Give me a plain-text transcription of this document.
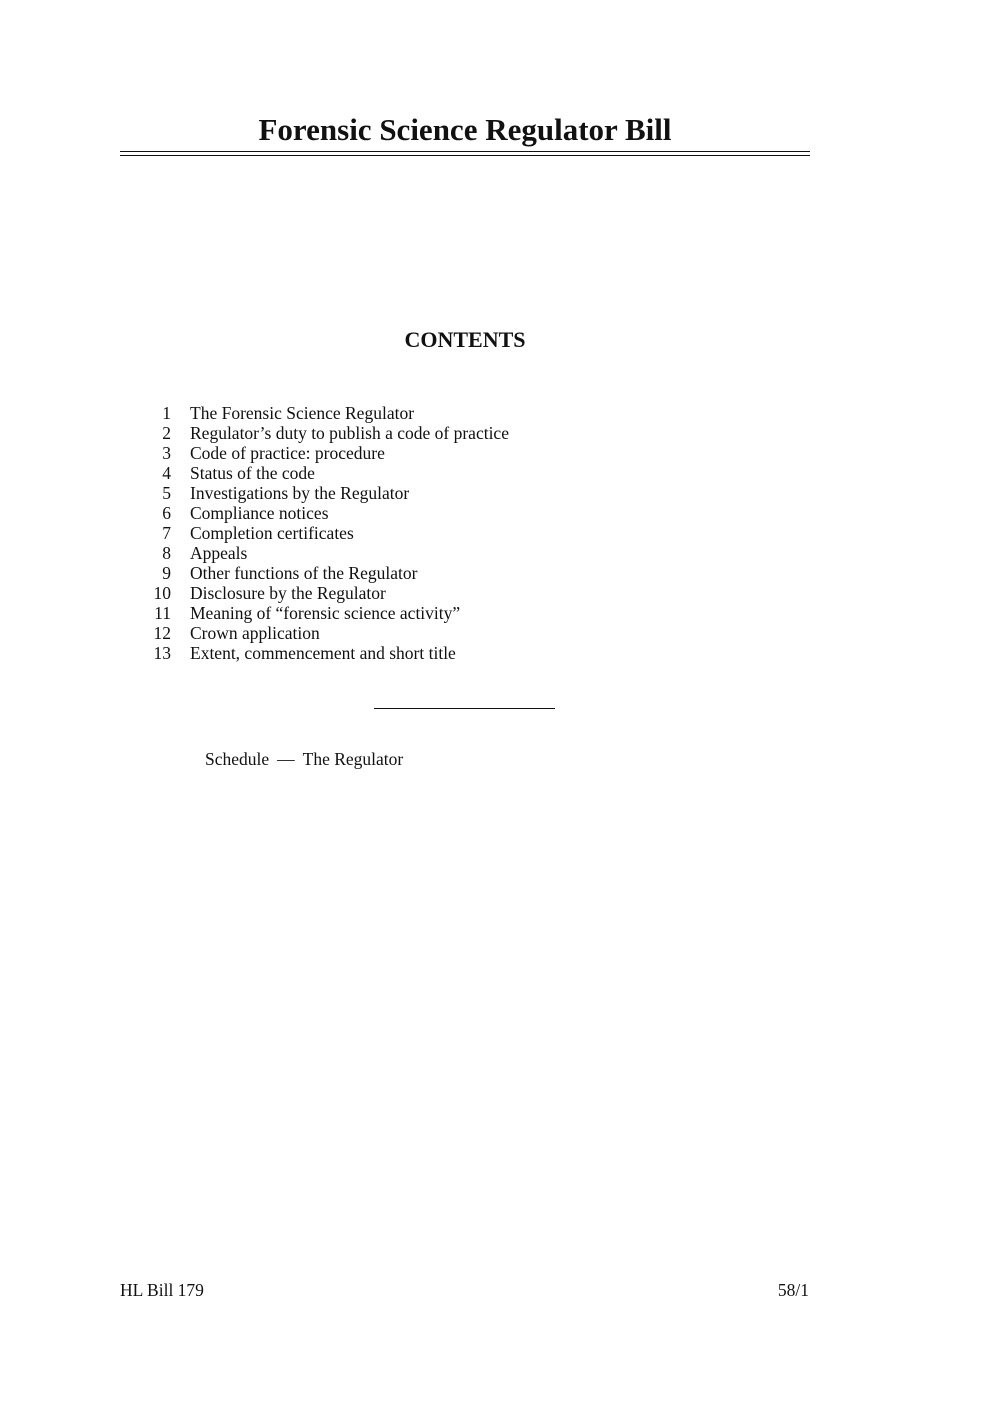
Forensic Science Regulator Bill
CONTENTS
1	The Forensic Science Regulator
2	Regulator’s duty to publish a code of practice
3	Code of practice: procedure
4	Status of the code
5	Investigations by the Regulator
6	Compliance notices
7	Completion certificates
8	Appeals
9	Other functions of the Regulator
10	Disclosure by the Regulator
11	Meaning of “forensic science activity”
12	Crown application
13	Extent, commencement and short title
Schedule — The Regulator
HL Bill 179	58/1
